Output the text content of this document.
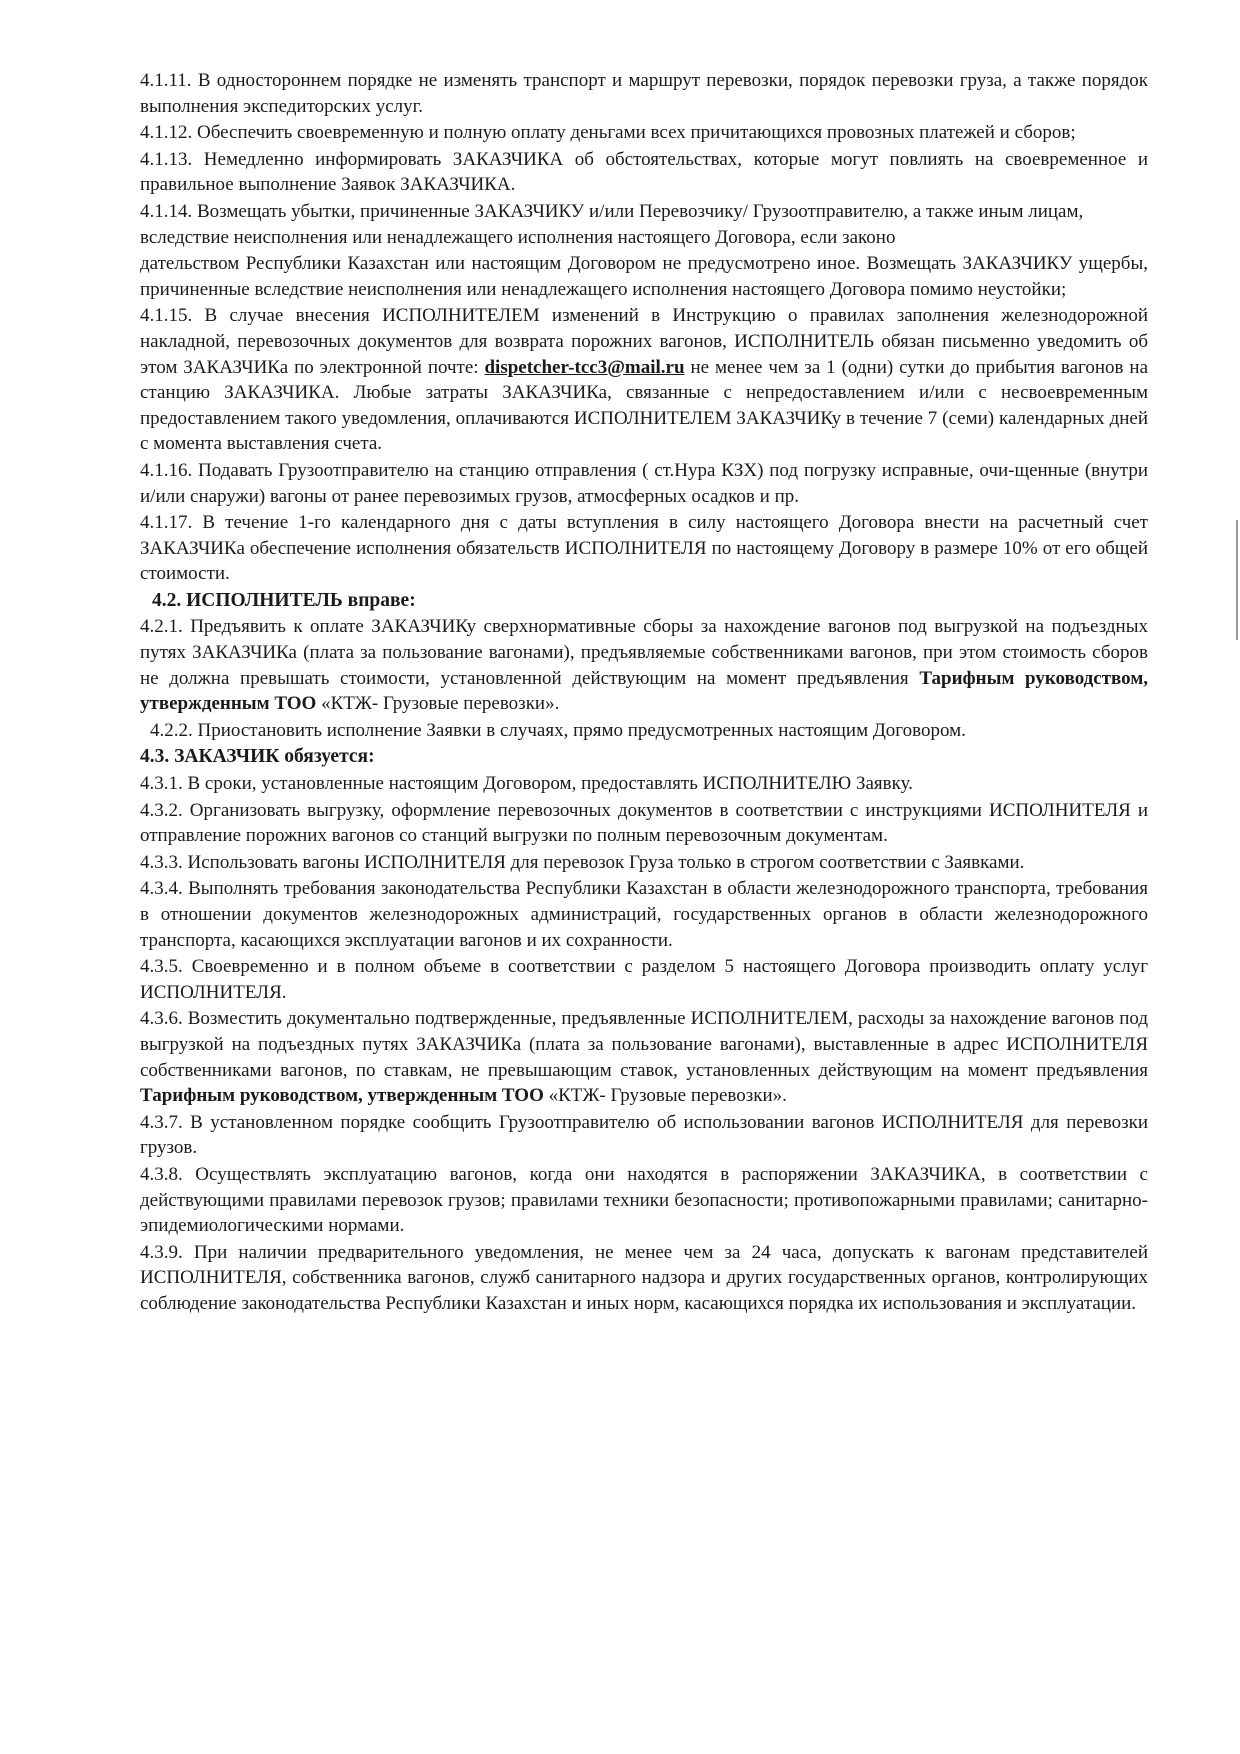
4.1.11. В одностороннем порядке не изменять транспорт и маршрут перевозки, порядок перевозки груза, а также порядок выполнения экспедиторских услуг.

4.1.12. Обеспечить своевременную и полную оплату деньгами всех причитающихся провозных платежей и сборов;

4.1.13. Немедленно информировать ЗАКАЗЧИКА об обстоятельствах, которые могут повлиять на своевременное и правильное выполнение Заявок ЗАКАЗЧИКА.

4.1.14. Возмещать убытки, причиненные ЗАКАЗЧИКУ и/или Перевозчику/ Грузоотправителю, а также иным лицам, вследствие неисполнения или ненадлежащего исполнения настоящего Договора, если законо

дательством Республики Казахстан или настоящим Договором не предусмотрено иное. Возмещать ЗАКАЗЧИКУ ущербы, причиненные вследствие неисполнения или ненадлежащего исполнения настоящего Договора помимо неустойки;

4.1.15. В случае внесения ИСПОЛНИТЕЛЕМ изменений в Инструкцию о правилах заполнения железнодорожной накладной, перевозочных документов для возврата порожних вагонов, ИСПОЛНИТЕЛЬ обязан письменно уведомить об этом ЗАКАЗЧИКа по электронной почте: dispetcher-tcc3@mail.ru не менее чем за 1 (одни) сутки до прибытия вагонов на станцию ЗАКАЗЧИКА. Любые затраты ЗАКАЗЧИКа, связанные с непредоставлением и/или с несвоевременным предоставлением такого уведомления, оплачиваются ИСПОЛНИТЕЛЕМ ЗАКАЗЧИКу в течение 7 (семи) календарных дней с момента выставления счета.

4.1.16. Подавать Грузоотправителю на станцию отправления ( ст.Нура КЗХ) под погрузку исправные, очи-щенные (внутри и/или снаружи) вагоны от ранее перевозимых грузов, атмосферных осадков и пр.

4.1.17. В течение 1-го календарного дня с даты вступления в силу настоящего Договора внести на расчетный счет ЗАКАЗЧИКа обеспечение исполнения обязательств ИСПОЛНИТЕЛЯ по настоящему Договору в размере 10% от его общей стоимости.

4.2. ИСПОЛНИТЕЛЬ вправе:

4.2.1. Предъявить к оплате ЗАКАЗЧИКу сверхнормативные сборы за нахождение вагонов под выгрузкой на подъездных путях ЗАКАЗЧИКа (плата за пользование вагонами), предъявляемые собственниками вагонов, при этом стоимость сборов не должна превышать стоимости, установленной действующим на момент предъявления Тарифным руководством, утвержденным ТОО «КТЖ- Грузовые перевозки».

4.2.2. Приостановить исполнение Заявки в случаях, прямо предусмотренных настоящим Договором.

4.3. ЗАКАЗЧИК обязуется:

4.3.1. В сроки, установленные настоящим Договором, предоставлять ИСПОЛНИТЕЛЮ Заявку.

4.3.2. Организовать выгрузку, оформление перевозочных документов в соответствии с инструкциями ИСПОЛНИТЕЛЯ и отправление порожних вагонов со станций выгрузки по полным перевозочным документам.

4.3.3. Использовать вагоны ИСПОЛНИТЕЛЯ для перевозок Груза только в строгом соответствии с Заявками.

4.3.4. Выполнять требования законодательства Республики Казахстан в области железнодорожного транспорта, требования в отношении документов железнодорожных администраций, государственных органов в области железнодорожного транспорта, касающихся эксплуатации вагонов и их сохранности.

4.3.5. Своевременно и в полном объеме в соответствии с разделом 5 настоящего Договора производить оплату услуг ИСПОЛНИТЕЛЯ.

4.3.6. Возместить документально подтвержденные, предъявленные ИСПОЛНИТЕЛЕМ, расходы за нахождение вагонов под выгрузкой на подъездных путях ЗАКАЗЧИКа (плата за пользование вагонами), выставленные в адрес ИСПОЛНИТЕЛЯ собственниками вагонов, по ставкам, не превышающим ставок, установленных действующим на момент предъявления Тарифным руководством, утвержденным ТОО «КТЖ- Грузовые перевозки».

4.3.7. В установленном порядке сообщить Грузоотправителю об использовании вагонов ИСПОЛНИТЕЛЯ для перевозки грузов.

4.3.8. Осуществлять эксплуатацию вагонов, когда они находятся в распоряжении ЗАКАЗЧИКА, в соответствии с действующими правилами перевозок грузов; правилами техники безопасности; противопожарными правилами; санитарно-эпидемиологическими нормами.

4.3.9. При наличии предварительного уведомления, не менее чем за 24 часа, допускать к вагонам представителей ИСПОЛНИТЕЛЯ, собственника вагонов, служб санитарного надзора и других государственных органов, контролирующих соблюдение законодательства Республики Казахстан и иных норм, касающихся порядка их использования и эксплуатации.
